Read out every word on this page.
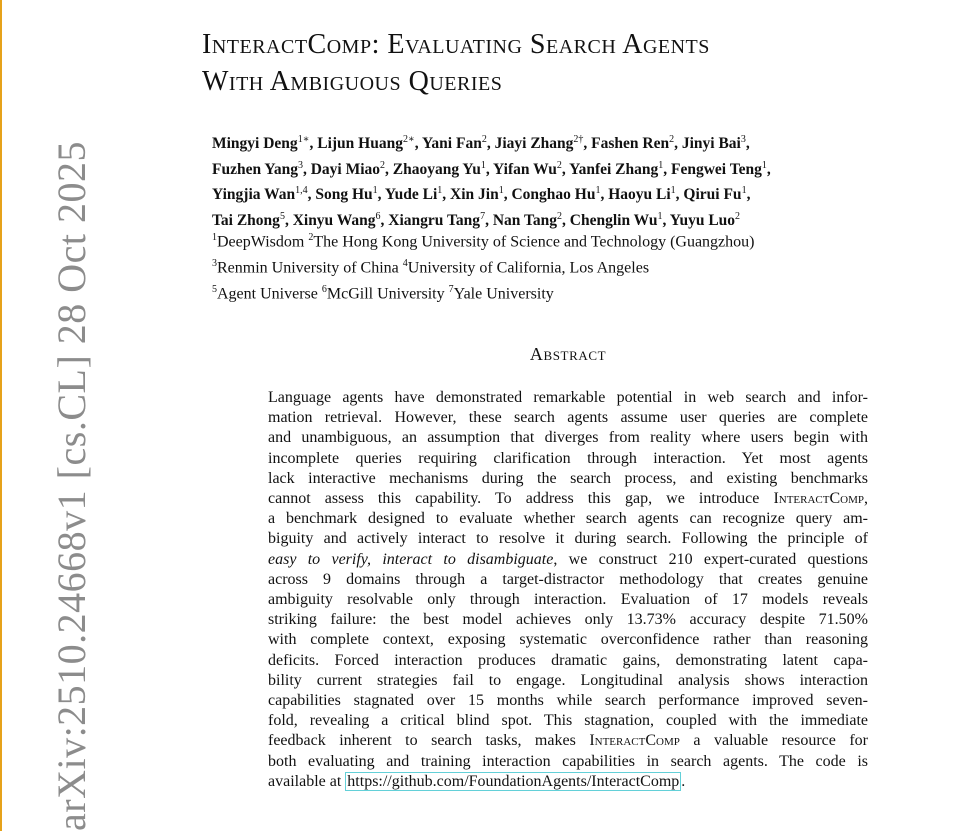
arXiv:2510.24668v1 [cs.CL] 28 Oct 2025
InteractComp: Evaluating Search Agents
With Ambiguous Queries
Mingyi Deng$^{1∗}$, Lijun Huang$^{2∗}$, Yani Fan$^2$, Jiayi Zhang$^{2\dagger}$, Fashen Ren$^2$, Jinyi Bai$^3$,
Fuzhen Yang$^3$, Dayi Miao$^2$, Zhaoyang Yu$^1$, Yifan Wu$^2$, Yanfei Zhang$^1$, Fengwei Teng$^1$,
Yingjia Wan$^{1,4}$, Song Hu$^1$, Yude Li$^1$, Xin Jin$^1$, Conghao Hu$^1$, Haoyu Li$^1$, Qirui Fu$^1$,
Tai Zhong$^5$, Xinyu Wang$^6$, Xiangru Tang$^7$, Nan Tang$^2$, Chenglin Wu$^1$, Yuyu Luo$^2$
$^1$DeepWisdom $^2$The Hong Kong University of Science and Technology (Guangzhou)
$^3$Renmin University of China $^4$University of California, Los Angeles
$^5$Agent Universe $^6$McGill University $^7$Yale University
Abstract
Language agents have demonstrated remarkable potential in web search and infor-
mation retrieval. However, these search agents assume user queries are complete
and unambiguous, an assumption that diverges from reality where users begin with
incomplete queries requiring clarification through interaction. Yet most agents
lack interactive mechanisms during the search process, and existing benchmarks
cannot assess this capability. To address this gap, we introduce InteractComp,
a benchmark designed to evaluate whether search agents can recognize query am-
biguity and actively interact to resolve it during search. Following the principle of
easy to verify, interact to disambiguate, we construct 210 expert-curated questions
across 9 domains through a target-distractor methodology that creates genuine
ambiguity resolvable only through interaction. Evaluation of 17 models reveals
striking failure: the best model achieves only 13.73% accuracy despite 71.50%
with complete context, exposing systematic overconfidence rather than reasoning
deficits. Forced interaction produces dramatic gains, demonstrating latent capa-
bility current strategies fail to engage. Longitudinal analysis shows interaction
capabilities stagnated over 15 months while search performance improved seven-
fold, revealing a critical blind spot. This stagnation, coupled with the immediate
feedback inherent to search tasks, makes InteractComp a valuable resource for
both evaluating and training interaction capabilities in search agents. The code is
available at https://github.com/FoundationAgents/InteractComp .
